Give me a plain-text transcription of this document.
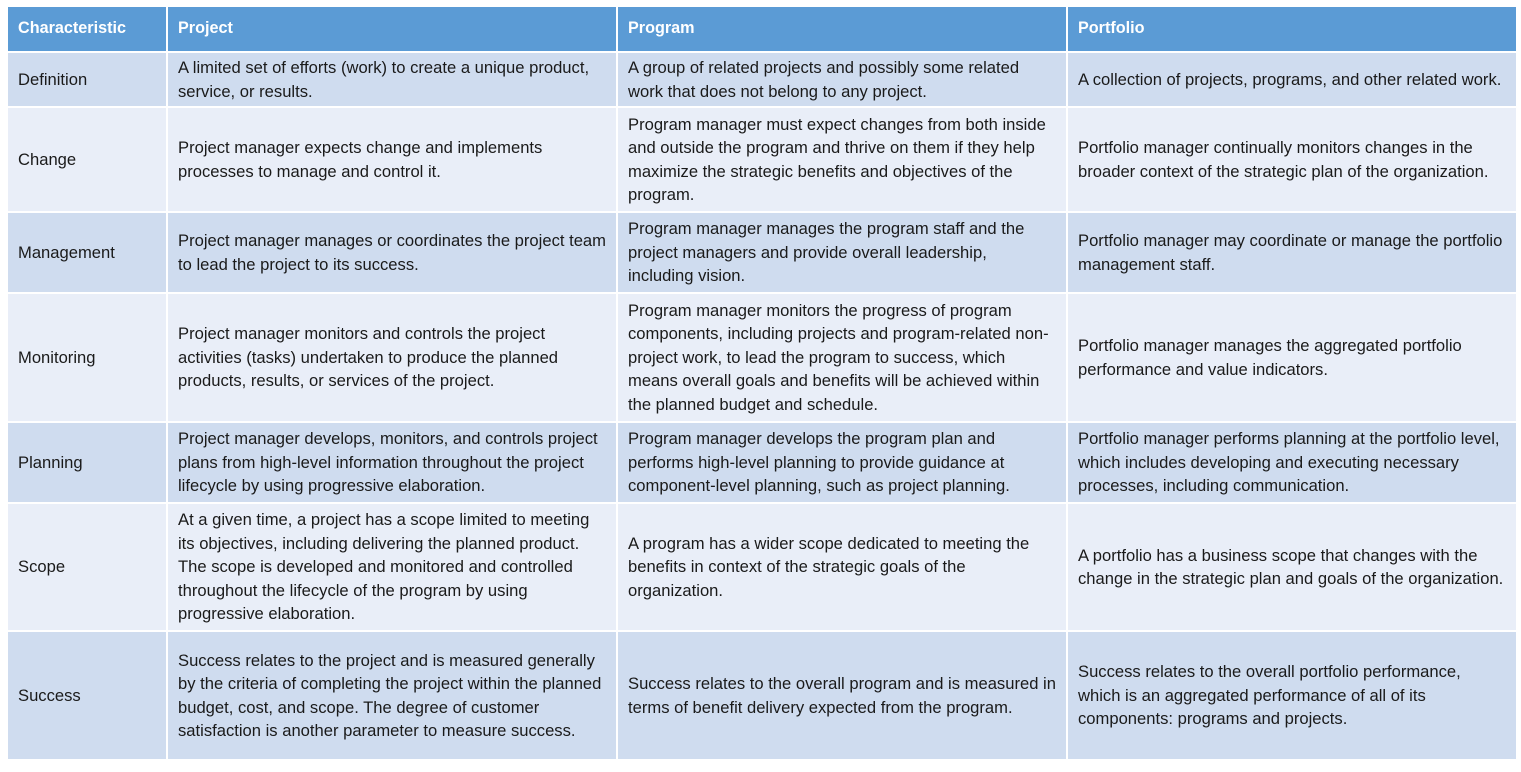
Characteristic	Project	Program	Portfolio
Definition	A limited set of efforts (work) to create a unique product, service, or results.	A group of related projects and possibly some related work that does not belong to any project.	A collection of projects, programs, and other related work.
Change	Project manager expects change and implements processes to manage and control it.	Program manager must expect changes from both inside and outside the program and thrive on them if they help maximize the strategic benefits and objectives of the program.	Portfolio manager continually monitors changes in the broader context of the strategic plan of the organization.
Management	Project manager manages or coordinates the project team to lead the project to its success.	Program manager manages the program staff and the project managers and provide overall leadership, including vision.	Portfolio manager may coordinate or manage the portfolio management staff.
Monitoring	Project manager monitors and controls the project activities (tasks) undertaken to produce the planned products, results, or services of the project.	Program manager monitors the progress of program components, including projects and program-related non-project work, to lead the program to success, which means overall goals and benefits will be achieved within the planned budget and schedule.	Portfolio manager manages the aggregated portfolio performance and value indicators.
Planning	Project manager develops, monitors, and controls project plans from high-level information throughout the project lifecycle by using progressive elaboration.	Program manager develops the program plan and performs high-level planning to provide guidance at component-level planning, such as project planning.	Portfolio manager performs planning at the portfolio level, which includes developing and executing necessary processes, including communication.
Scope	At a given time, a project has a scope limited to meeting its objectives, including delivering the planned product. The scope is developed and monitored and controlled throughout the lifecycle of the program by using progressive elaboration.	A program has a wider scope dedicated to meeting the benefits in context of the strategic goals of the organization.	A portfolio has a business scope that changes with the change in the strategic plan and goals of the organization.
Success	Success relates to the project and is measured generally by the criteria of completing the project within the planned budget, cost, and scope. The degree of customer satisfaction is another parameter to measure success.	Success relates to the overall program and is measured in terms of benefit delivery expected from the program.	Success relates to the overall portfolio performance, which is an aggregated performance of all of its components: programs and projects.
